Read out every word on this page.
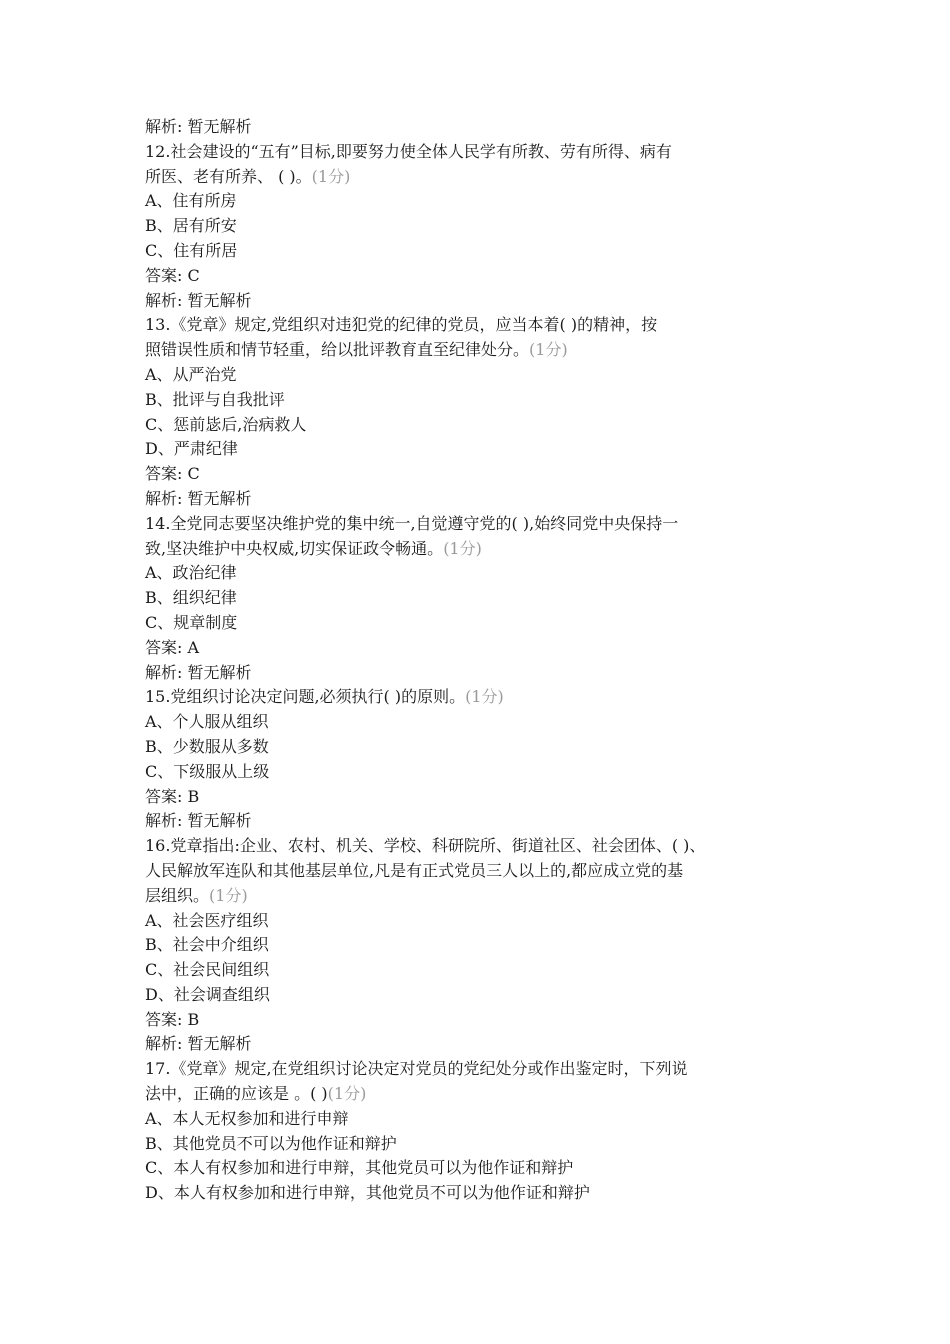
解析: 暂无解析
12.社会建设的“五有”目标,即要努力使全体人民学有所教、劳有所得、病有
所医、老有所养、 ( )。(1分)
A、住有所房
B、居有所安
C、住有所居
答案: C
解析: 暂无解析
13.《党章》规定,党组织对违犯党的纪律的党员，应当本着( )的精神，按
照错误性质和情节轻重，给以批评教育直至纪律处分。(1分)
A、从严治党
B、批评与自我批评
C、惩前毖后,治病救人
D、严肃纪律
答案: C
解析: 暂无解析
14.全党同志要坚决维护党的集中统一,自觉遵守党的( ),始终同党中央保持一
致,坚决维护中央权威,切实保证政令畅通。(1分)
A、政治纪律
B、组织纪律
C、规章制度
答案: A
解析: 暂无解析
15.党组织讨论决定问题,必须执行( )的原则。(1分)
A、个人服从组织
B、少数服从多数
C、下级服从上级
答案: B
解析: 暂无解析
16.党章指出:企业、农村、机关、学校、科研院所、街道社区、社会团体、( )、
人民解放军连队和其他基层单位,凡是有正式党员三人以上的,都应成立党的基
层组织。(1分)
A、社会医疗组织
B、社会中介组织
C、社会民间组织
D、社会调查组织
答案: B
解析: 暂无解析
17.《党章》规定,在党组织讨论决定对党员的党纪处分或作出鉴定时，下列说
法中，正确的应该是 。( )(1分)
A、本人无权参加和进行申辩
B、其他党员不可以为他作证和辩护
C、本人有权参加和进行申辩，其他党员可以为他作证和辩护
D、本人有权参加和进行申辩，其他党员不可以为他作证和辩护
